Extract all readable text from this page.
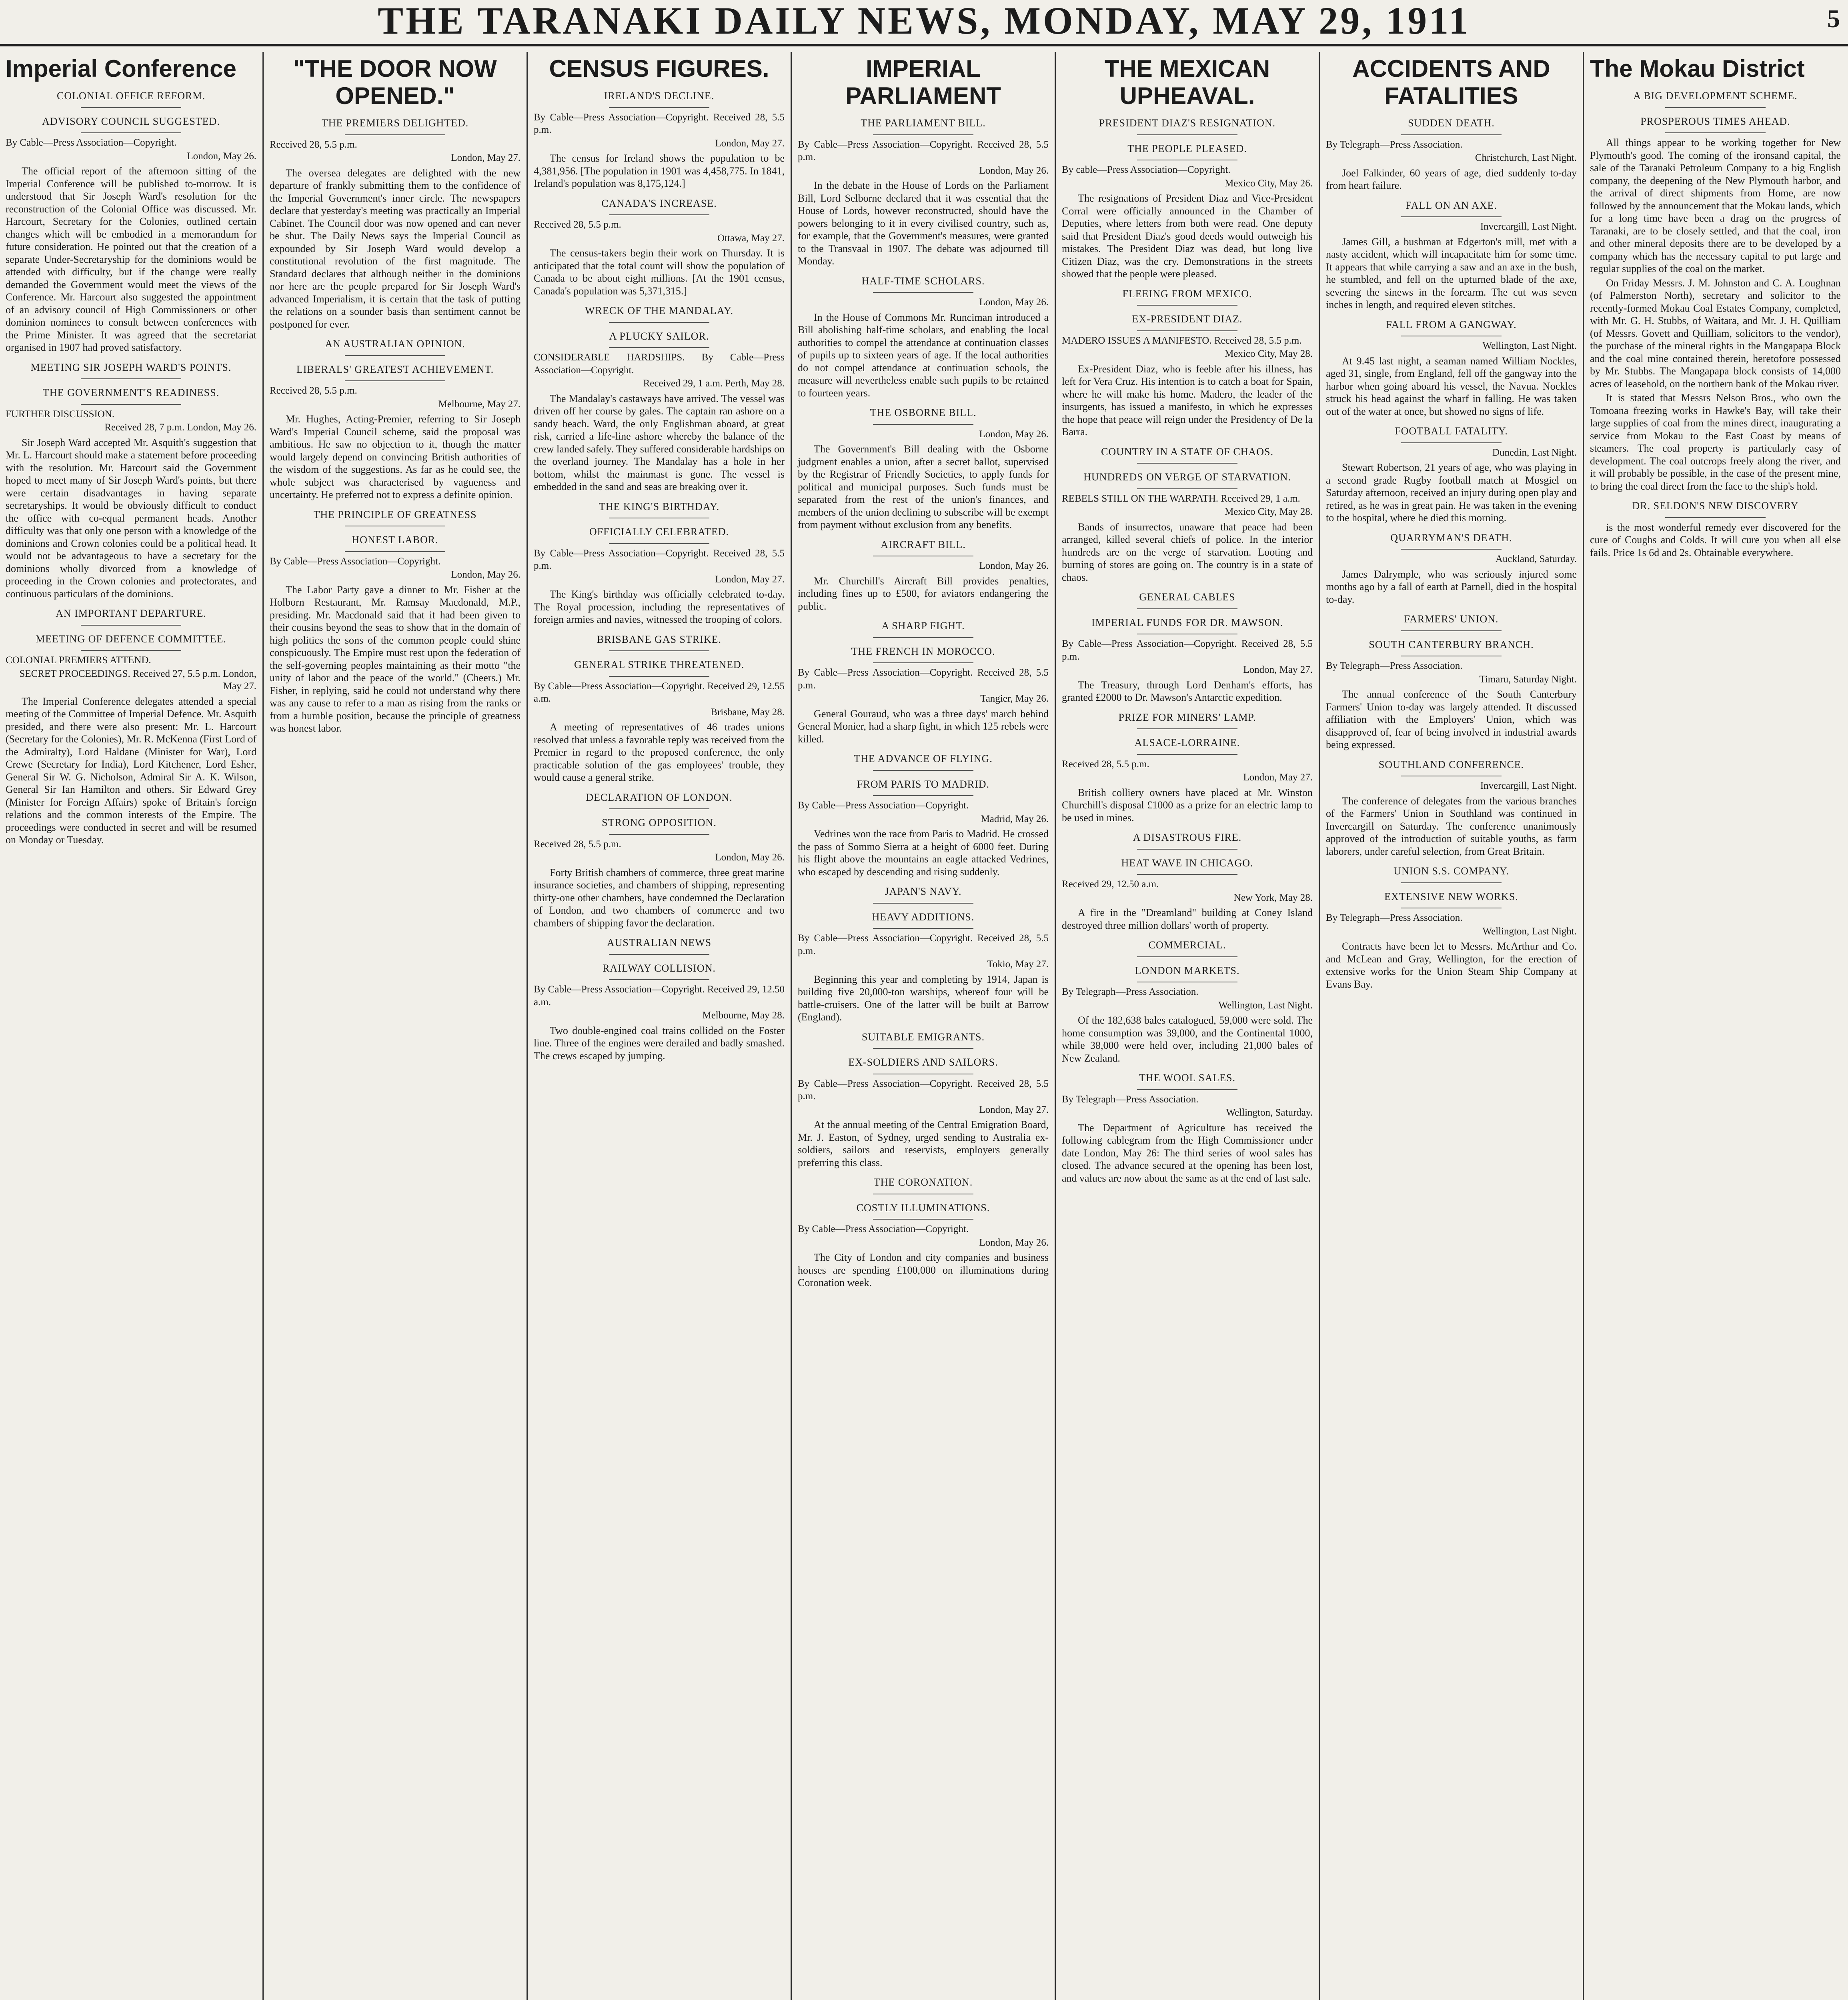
THE TARANAKI DAILY NEWS, MONDAY, MAY 29, 1911	5
Imperial Conference
COLONIAL OFFICE REFORM.
ADVISORY COUNCIL SUGGESTED.
By Cable—Press Association—Copyright.
London, May 26.

The official report of the afternoon sitting of the Imperial Conference will be published to-morrow. It is understood that Sir Joseph Ward's resolution for the reconstruction of the Colonial Office was discussed. Mr. Harcourt, Secretary for the Colonies, outlined certain changes which will be embodied in a memorandum for future consideration. He pointed out that the creation of a separate Under-Secretaryship for the dominions would be attended with difficulty, but if the change were really demanded the Government would meet the views of the Conference. Mr. Harcourt also suggested the appointment of an advisory council of High Commissioners or other dominion nominees to consult between conferences with the Prime Minister. It was agreed that the secretariat organised in 1907 had proved satisfactory.

MEETING SIR JOSEPH WARD'S POINTS.
THE GOVERNMENT'S READINESS.
FURTHER DISCUSSION.
Received 28, 7 p.m. London, May 26.

Sir Joseph Ward accepted Mr. Asquith's suggestion that Mr. L. Harcourt should make a statement before proceeding with the resolution. Mr. Harcourt said the Government hoped to meet many of Sir Joseph Ward's points, but there were certain disadvantages in having separate secretaryships. It would be obviously difficult to conduct the office with co-equal permanent heads. Another difficulty was that only one person with a knowledge of the dominions and Crown colonies could be a political head. It would not be advantageous to have a secretary for the dominions wholly divorced from a knowledge of proceeding in the Crown colonies and protectorates, and continuous particulars of the dominions.

AN IMPORTANT DEPARTURE.
MEETING OF DEFENCE COMMITTEE.
COLONIAL PREMIERS ATTEND.
SECRET PROCEEDINGS. Received 27, 5.5 p.m. London, May 27.

The Imperial Conference delegates attended a special meeting of the Committee of Imperial Defence. Mr. Asquith presided, and there were also present: Mr. L. Harcourt (Secretary for the Colonies), Mr. R. McKenna (First Lord of the Admiralty), Lord Haldane (Minister for War), Lord Crewe (Secretary for India), Lord Kitchener, Lord Esher, General Sir W. G. Nicholson, Admiral Sir A. K. Wilson, General Sir Ian Hamilton and others. Sir Edward Grey (Minister for Foreign Affairs) spoke of Britain's foreign relations and the common interests of the Empire. The proceedings were conducted in secret and will be resumed on Monday or Tuesday.

"THE DOOR NOW OPENED."
THE PREMIERS DELIGHTED.
Received 28, 5.5 p.m.
London, May 27.

The oversea delegates are delighted with the new departure of frankly submitting them to the confidence of the Imperial Government's inner circle. The newspapers declare that yesterday's meeting was practically an Imperial Cabinet. The Council door was now opened and can never be shut. The Daily News says the Imperial Council as expounded by Sir Joseph Ward would develop a constitutional revolution of the first magnitude. The Standard declares that although neither in the dominions nor here are the people prepared for Sir Joseph Ward's advanced Imperialism, it is certain that the task of putting the relations on a sounder basis than sentiment cannot be postponed for ever.

AN AUSTRALIAN OPINION.
LIBERALS' GREATEST ACHIEVEMENT.
Received 28, 5.5 p.m.
Melbourne, May 27.

Mr. Hughes, Acting-Premier, referring to Sir Joseph Ward's Imperial Council scheme, said the proposal was ambitious. He saw no objection to it, though the matter would largely depend on convincing British authorities of the wisdom of the suggestions. As far as he could see, the whole subject was characterised by vagueness and uncertainty. He preferred not to express a definite opinion.

THE PRINCIPLE OF GREATNESS
HONEST LABOR.
By Cable—Press Association—Copyright.
London, May 26.

The Labor Party gave a dinner to Mr. Fisher at the Holborn Restaurant, Mr. Ramsay Macdonald, M.P., presiding. Mr. Macdonald said that it had been given to their cousins beyond the seas to show that in the domain of high politics the sons of the common people could shine conspicuously. The Empire must rest upon the federation of the self-governing peoples maintaining as their motto "the unity of labor and the peace of the world." (Cheers.) Mr. Fisher, in replying, said he could not understand why there was any cause to refer to a man as rising from the ranks or from a humble position, because the principle of greatness was honest labor.

CENSUS FIGURES.
IRELAND'S DECLINE.
By Cable—Press Association—Copyright. Received 28, 5.5 p.m.
London, May 27.

The census for Ireland shows the population to be 4,381,956. [The population in 1901 was 4,458,775. In 1841, Ireland's population was 8,175,124.]

CANADA'S INCREASE.
Received 28, 5.5 p.m.
Ottawa, May 27.

The census-takers begin their work on Thursday. It is anticipated that the total count will show the population of Canada to be about eight millions. [At the 1901 census, Canada's population was 5,371,315.]

WRECK OF THE MANDALAY.
A PLUCKY SAILOR.
CONSIDERABLE HARDSHIPS. By Cable—Press Association—Copyright.
Received 29, 1 a.m. Perth, May 28.

The Mandalay's castaways have arrived. The vessel was driven off her course by gales. The captain ran ashore on a sandy beach. Ward, the only Englishman aboard, at great risk, carried a life-line ashore whereby the balance of the crew landed safely. They suffered considerable hardships on the overland journey. The Mandalay has a hole in her bottom, whilst the mainmast is gone. The vessel is embedded in the sand and seas are breaking over it.

THE KING'S BIRTHDAY.
OFFICIALLY CELEBRATED.
By Cable—Press Association—Copyright. Received 28, 5.5 p.m.
London, May 27.

The King's birthday was officially celebrated to-day. The Royal procession, including the representatives of foreign armies and navies, witnessed the trooping of colors.

BRISBANE GAS STRIKE.
GENERAL STRIKE THREATENED.
By Cable—Press Association—Copyright. Received 29, 12.55 a.m.
Brisbane, May 28.

A meeting of representatives of 46 trades unions resolved that unless a favorable reply was received from the Premier in regard to the proposed conference, the only practicable solution of the gas employees' trouble, they would cause a general strike.

DECLARATION OF LONDON.
STRONG OPPOSITION.
Received 28, 5.5 p.m.
London, May 26.

Forty British chambers of commerce, three great marine insurance societies, and chambers of shipping, representing thirty-one other chambers, have condemned the Declaration of London, and two chambers of commerce and two chambers of shipping favor the declaration.

AUSTRALIAN NEWS
RAILWAY COLLISION.
By Cable—Press Association—Copyright. Received 29, 12.50 a.m.
Melbourne, May 28.

Two double-engined coal trains collided on the Foster line. Three of the engines were derailed and badly smashed. The crews escaped by jumping.

IMPERIAL PARLIAMENT
THE PARLIAMENT BILL.
By Cable—Press Association—Copyright. Received 28, 5.5 p.m.
London, May 26.

In the debate in the House of Lords on the Parliament Bill, Lord Selborne declared that it was essential that the House of Lords, however reconstructed, should have the powers belonging to it in every civilised country, such as, for example, that the Government's measures, were granted to the Transvaal in 1907. The debate was adjourned till Monday.

HALF-TIME SCHOLARS.
London, May 26.

In the House of Commons Mr. Runciman introduced a Bill abolishing half-time scholars, and enabling the local authorities to compel the attendance at continuation classes of pupils up to sixteen years of age. If the local authorities do not compel attendance at continuation schools, the measure will nevertheless enable such pupils to be retained to fourteen years.

THE OSBORNE BILL.
London, May 26.

The Government's Bill dealing with the Osborne judgment enables a union, after a secret ballot, supervised by the Registrar of Friendly Societies, to apply funds for political and municipal purposes. Such funds must be separated from the rest of the union's finances, and members of the union declining to subscribe will be exempt from payment without exclusion from any benefits.

AIRCRAFT BILL.
London, May 26.

Mr. Churchill's Aircraft Bill provides penalties, including fines up to £500, for aviators endangering the public.

A SHARP FIGHT.
THE FRENCH IN MOROCCO.
By Cable—Press Association—Copyright. Received 28, 5.5 p.m.
Tangier, May 26.

General Gouraud, who was a three days' march behind General Monier, had a sharp fight, in which 125 rebels were killed.

THE ADVANCE OF FLYING.
FROM PARIS TO MADRID.
By Cable—Press Association—Copyright.
Madrid, May 26.

Vedrines won the race from Paris to Madrid. He crossed the pass of Sommo Sierra at a height of 6000 feet. During his flight above the mountains an eagle attacked Vedrines, who escaped by descending and rising suddenly.

JAPAN'S NAVY.
HEAVY ADDITIONS.
By Cable—Press Association—Copyright. Received 28, 5.5 p.m.
Tokio, May 27.

Beginning this year and completing by 1914, Japan is building five 20,000-ton warships, whereof four will be battle-cruisers. One of the latter will be built at Barrow (England).

SUITABLE EMIGRANTS.
EX-SOLDIERS AND SAILORS.
By Cable—Press Association—Copyright. Received 28, 5.5 p.m.
London, May 27.

At the annual meeting of the Central Emigration Board, Mr. J. Easton, of Sydney, urged sending to Australia ex-soldiers, sailors and reservists, employers generally preferring this class.

THE CORONATION.
COSTLY ILLUMINATIONS.
By Cable—Press Association—Copyright.
London, May 26.

The City of London and city companies and business houses are spending £100,000 on illuminations during Coronation week.

THE MEXICAN UPHEAVAL.
PRESIDENT DIAZ'S RESIGNATION.
THE PEOPLE PLEASED.
By cable—Press Association—Copyright.
Mexico City, May 26.

The resignations of President Diaz and Vice-President Corral were officially announced in the Chamber of Deputies, where letters from both were read. One deputy said that President Diaz's good deeds would outweigh his mistakes. The President Diaz was dead, but long live Citizen Diaz, was the cry. Demonstrations in the streets showed that the people were pleased.

FLEEING FROM MEXICO.
EX-PRESIDENT DIAZ.
MADERO ISSUES A MANIFESTO. Received 28, 5.5 p.m.
Mexico City, May 28.

Ex-President Diaz, who is feeble after his illness, has left for Vera Cruz. His intention is to catch a boat for Spain, where he will make his home. Madero, the leader of the insurgents, has issued a manifesto, in which he expresses the hope that peace will reign under the Presidency of De la Barra.

COUNTRY IN A STATE OF CHAOS.
HUNDREDS ON VERGE OF STARVATION.
REBELS STILL ON THE WARPATH. Received 29, 1 a.m.
Mexico City, May 28.

Bands of insurrectos, unaware that peace had been arranged, killed several chiefs of police. In the interior hundreds are on the verge of starvation. Looting and burning of stores are going on. The country is in a state of chaos.

GENERAL CABLES
IMPERIAL FUNDS FOR DR. MAWSON.
By Cable—Press Association—Copyright. Received 28, 5.5 p.m.
London, May 27.

The Treasury, through Lord Denham's efforts, has granted £2000 to Dr. Mawson's Antarctic expedition.

PRIZE FOR MINERS' LAMP.
ALSACE-LORRAINE.
Received 28, 5.5 p.m.
London, May 27.

British colliery owners have placed at Mr. Winston Churchill's disposal £1000 as a prize for an electric lamp to be used in mines.

A DISASTROUS FIRE.
HEAT WAVE IN CHICAGO.
Received 29, 12.50 a.m.
New York, May 28.

A fire in the "Dreamland" building at Coney Island destroyed three million dollars' worth of property.

COMMERCIAL.
LONDON MARKETS.
By Telegraph—Press Association.
Wellington, Last Night.

Of the 182,638 bales catalogued, 59,000 were sold. The home consumption was 39,000, and the Continental 1000, while 38,000 were held over, including 21,000 bales of New Zealand.

THE WOOL SALES.
By Telegraph—Press Association.
Wellington, Saturday.

The Department of Agriculture has received the following cablegram from the High Commissioner under date London, May 26: The third series of wool sales has closed. The advance secured at the opening has been lost, and values are now about the same as at the end of last sale.

ACCIDENTS AND FATALITIES
SUDDEN DEATH.
By Telegraph—Press Association.
Christchurch, Last Night.

Joel Falkinder, 60 years of age, died suddenly to-day from heart failure.

FALL ON AN AXE.
Invercargill, Last Night.

James Gill, a bushman at Edgerton's mill, met with a nasty accident, which will incapacitate him for some time. It appears that while carrying a saw and an axe in the bush, he stumbled, and fell on the upturned blade of the axe, severing the sinews in the forearm. The cut was seven inches in length, and required eleven stitches.

FALL FROM A GANGWAY.
Wellington, Last Night.

At 9.45 last night, a seaman named William Nockles, aged 31, single, from England, fell off the gangway into the harbor when going aboard his vessel, the Navua. Nockles struck his head against the wharf in falling. He was taken out of the water at once, but showed no signs of life.

FOOTBALL FATALITY.
Dunedin, Last Night.

Stewart Robertson, 21 years of age, who was playing in a second grade Rugby football match at Mosgiel on Saturday afternoon, received an injury during open play and retired, as he was in great pain. He was taken in the evening to the hospital, where he died this morning.

QUARRYMAN'S DEATH.
Auckland, Saturday.

James Dalrymple, who was seriously injured some months ago by a fall of earth at Parnell, died in the hospital to-day.

FARMERS' UNION.
SOUTH CANTERBURY BRANCH.
By Telegraph—Press Association.
Timaru, Saturday Night.

The annual conference of the South Canterbury Farmers' Union to-day was largely attended. It discussed affiliation with the Employers' Union, which was disapproved of, fear of being involved in industrial awards being expressed.

SOUTHLAND CONFERENCE.
Invercargill, Last Night.

The conference of delegates from the various branches of the Farmers' Union in Southland was continued in Invercargill on Saturday. The conference unanimously approved of the introduction of suitable youths, as farm laborers, under careful selection, from Great Britain.

UNION S.S. COMPANY.
EXTENSIVE NEW WORKS.
By Telegraph—Press Association.
Wellington, Last Night.

Contracts have been let to Messrs. McArthur and Co. and McLean and Gray, Wellington, for the erection of extensive works for the Union Steam Ship Company at Evans Bay.

The Mokau District
A BIG DEVELOPMENT SCHEME.
PROSPEROUS TIMES AHEAD.

All things appear to be working together for New Plymouth's good. The coming of the ironsand capital, the sale of the Taranaki Petroleum Company to a big English company, the deepening of the New Plymouth harbor, and the arrival of direct shipments from Home, are now followed by the announcement that the Mokau lands, which for a long time have been a drag on the progress of Taranaki, are to be closely settled, and that the coal, iron and other mineral deposits there are to be developed by a company which has the necessary capital to put large and regular supplies of the coal on the market.

On Friday Messrs. J. M. Johnston and C. A. Loughnan (of Palmerston North), secretary and solicitor to the recently-formed Mokau Coal Estates Company, completed, with Mr. G. H. Stubbs, of Waitara, and Mr. J. H. Quilliam (of Messrs. Govett and Quilliam, solicitors to the vendor), the purchase of the mineral rights in the Mangapapa Block and the coal mine contained therein, heretofore possessed by Mr. Stubbs. The Mangapapa block consists of 14,000 acres of leasehold, on the northern bank of the Mokau river.

It is stated that Messrs Nelson Bros., who own the Tomoana freezing works in Hawke's Bay, will take their large supplies of coal from the mines direct, inaugurating a service from Mokau to the East Coast by means of steamers. The coal property is particularly easy of development. The coal outcrops freely along the river, and it will probably be possible, in the case of the present mine, to bring the coal direct from the face to the ship's hold.

DR. SELDON'S NEW DISCOVERY

is the most wonderful remedy ever discovered for the cure of Coughs and Colds. It will cure you when all else fails. Price 1s 6d and 2s. Obtainable everywhere.
